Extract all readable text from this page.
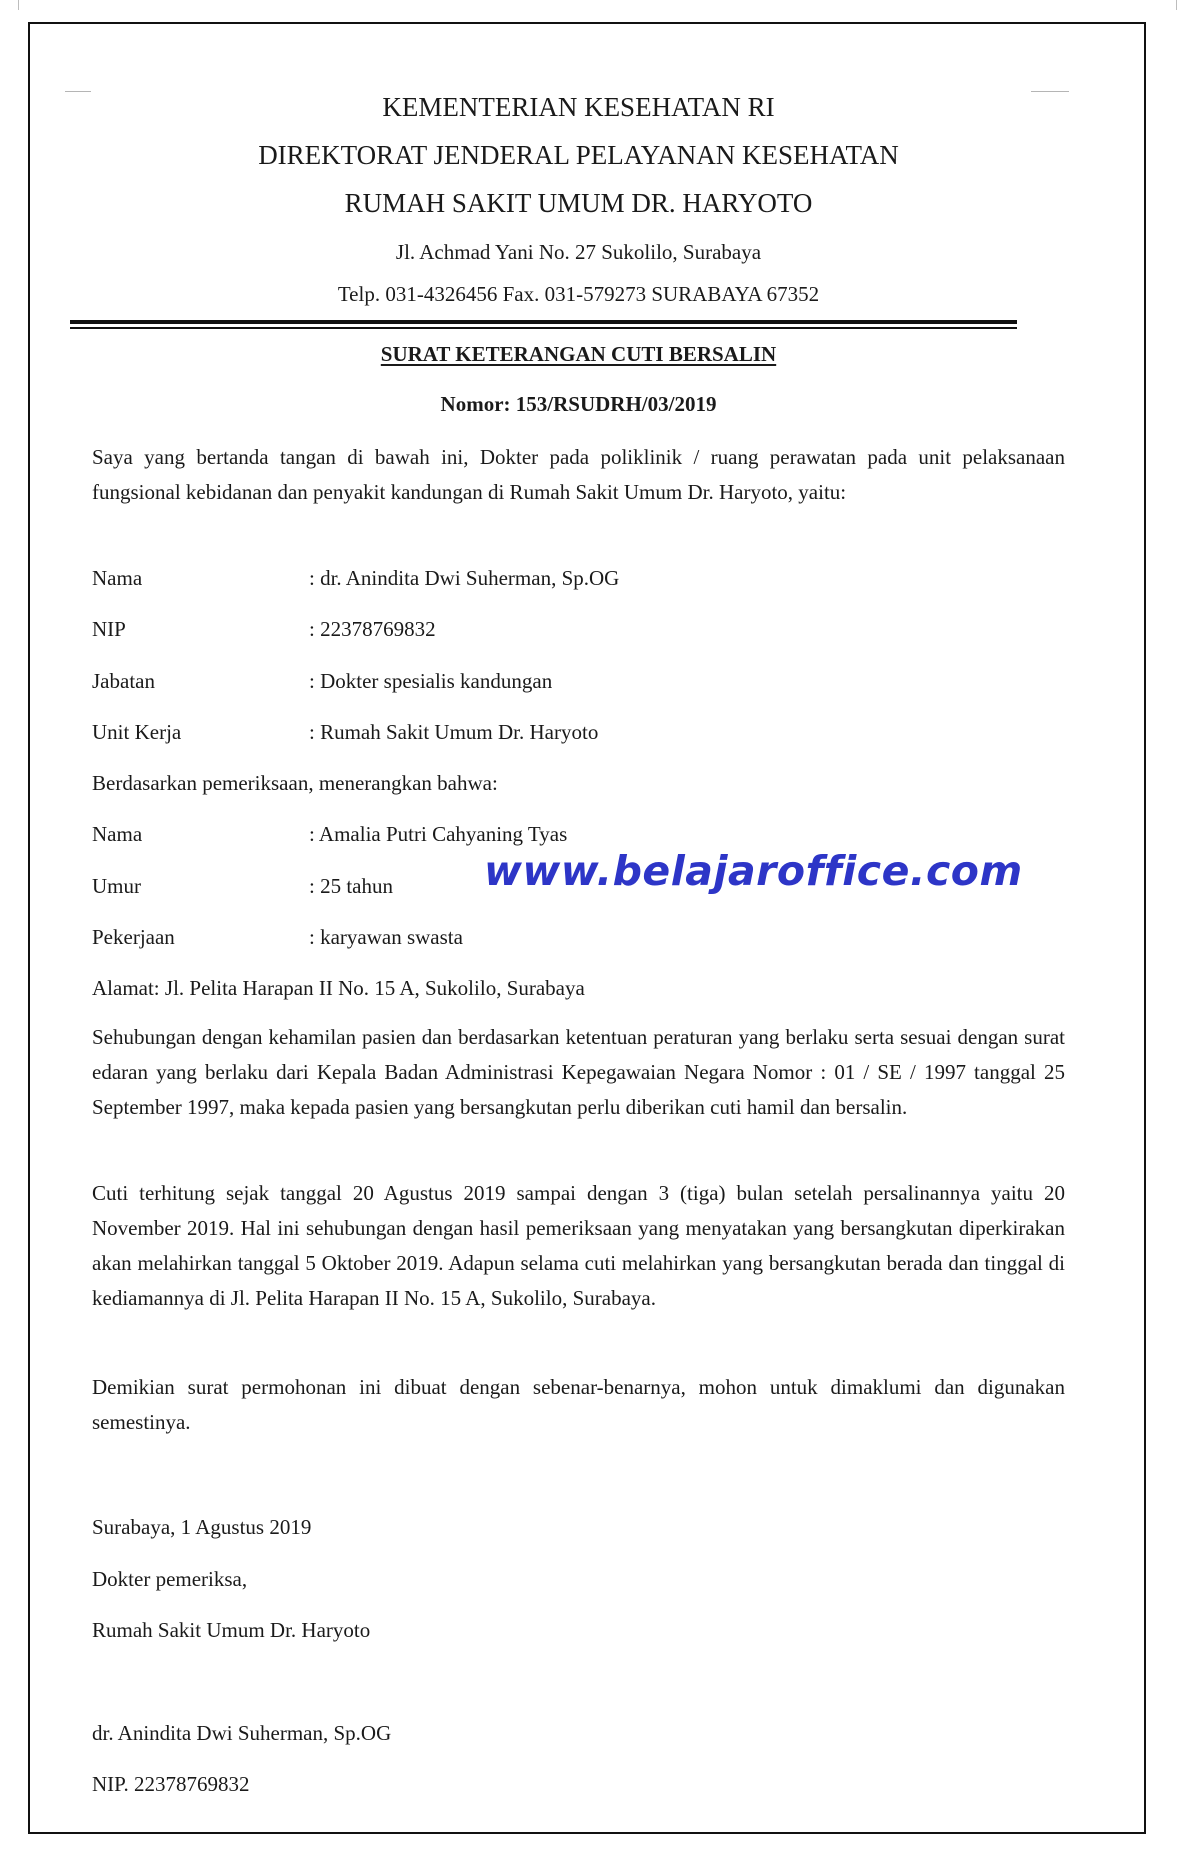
KEMENTERIAN KESEHATAN RI
DIREKTORAT JENDERAL PELAYANAN KESEHATAN
RUMAH SAKIT UMUM DR. HARYOTO
Jl. Achmad Yani No. 27 Sukolilo, Surabaya
Telp. 031-4326456 Fax. 031-579273 SURABAYA 67352
SURAT KETERANGAN CUTI BERSALIN
Nomor: 153/RSUDRH/03/2019
Saya yang bertanda tangan di bawah ini, Dokter pada poliklinik / ruang perawatan pada unit pelaksanaan fungsional kebidanan dan penyakit kandungan di Rumah Sakit Umum Dr. Haryoto, yaitu:
Nama	: dr. Anindita Dwi Suherman, Sp.OG
NIP	: 22378769832
Jabatan	: Dokter spesialis kandungan
Unit Kerja	: Rumah Sakit Umum Dr. Haryoto
Berdasarkan pemeriksaan, menerangkan bahwa:
Nama	: Amalia Putri Cahyaning Tyas
Umur	: 25 tahun
Pekerjaan	: karyawan swasta
Alamat: Jl. Pelita Harapan II No. 15 A, Sukolilo, Surabaya
Sehubungan dengan kehamilan pasien dan berdasarkan ketentuan peraturan yang berlaku serta sesuai dengan surat edaran yang berlaku dari Kepala Badan Administrasi Kepegawaian Negara Nomor : 01 / SE / 1997 tanggal 25 September 1997, maka kepada pasien yang bersangkutan perlu diberikan cuti hamil dan bersalin.
Cuti terhitung sejak tanggal 20 Agustus 2019 sampai dengan 3 (tiga) bulan setelah persalinannya yaitu 20 November 2019. Hal ini sehubungan dengan hasil pemeriksaan yang menyatakan yang bersangkutan diperkirakan akan melahirkan tanggal 5 Oktober 2019. Adapun selama cuti melahirkan yang bersangkutan berada dan tinggal di kediamannya di Jl. Pelita Harapan II No. 15 A, Sukolilo, Surabaya.
Demikian surat permohonan ini dibuat dengan sebenar-benarnya, mohon untuk dimaklumi dan digunakan semestinya.
Surabaya, 1 Agustus 2019
Dokter pemeriksa,
Rumah Sakit Umum Dr. Haryoto
dr. Anindita Dwi Suherman, Sp.OG
NIP. 22378769832
www.belajaroffice.com
